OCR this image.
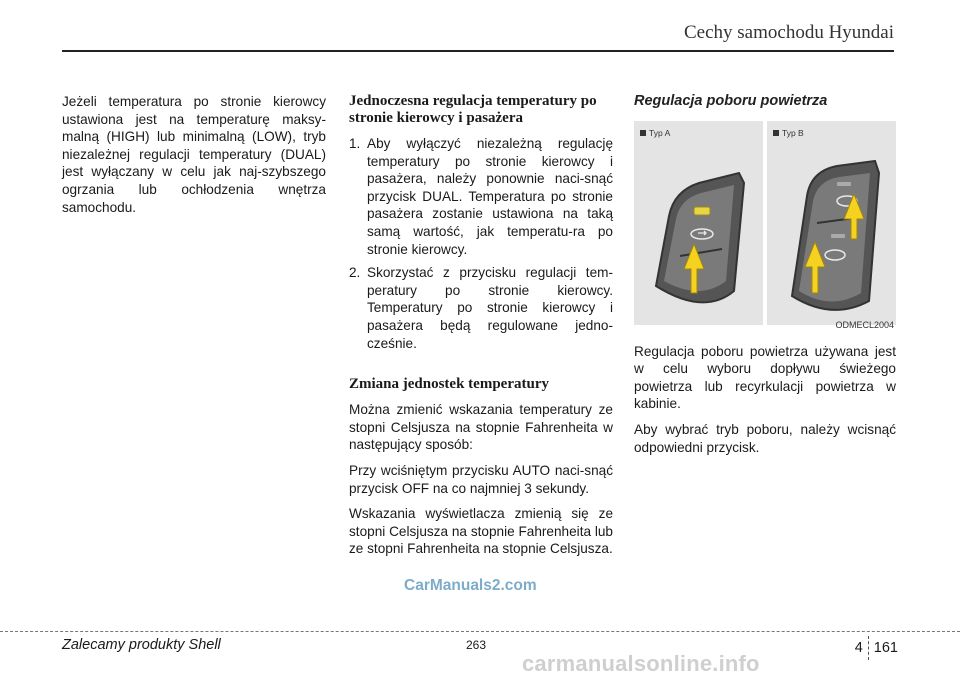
Cechy samochodu Hyundai

Jeżeli temperatura po stronie kierowcy ustawiona jest na temperaturę maksy-malną (HIGH) lub minimalną (LOW), tryb niezależnej regulacji temperatury (DUAL) jest wyłączany w celu jak naj-szybszego ogrzania lub ochłodzenia wnętrza samochodu.

Jednoczesna regulacja temperatury po stronie kierowcy i pasażera
1. Aby wyłączyć niezależną regulację temperatury po stronie kierowcy i pasażera, należy ponownie naci-snąć przycisk DUAL. Temperatura po stronie pasażera zostanie ustawiona na taką samą wartość, jak temperatu-ra po stronie kierowcy.
2. Skorzystać z przycisku regulacji tem-peratury po stronie kierowcy. Temperatury po stronie kierowcy i pasażera będą regulowane jedno-cześnie.
Zmiana jednostek temperatury

Można zmienić wskazania temperatury ze stopni Celsjusza na stopnie Fahrenheita w następujący sposób:

Przy wciśniętym przycisku AUTO naci-snąć przycisk OFF na co najmniej 3 sekundy.

Wskazania wyświetlacza zmienią się ze stopni Celsjusza na stopnie Fahrenheita lub ze stopni Fahrenheita na stopnie Celsjusza.

Regulacja poboru powietrza
Typ A	Typ B
ODMECL2004

Regulacja poboru powietrza używana jest w celu wyboru dopływu świeżego powietrza lub recyrkulacji powietrza w kabinie.

Aby wybrać tryb poboru, należy wcisnąć odpowiedni przycisk.

CarManuals2.com
Zalecamy produkty Shell	263	4 161
carmanualsonline.info
